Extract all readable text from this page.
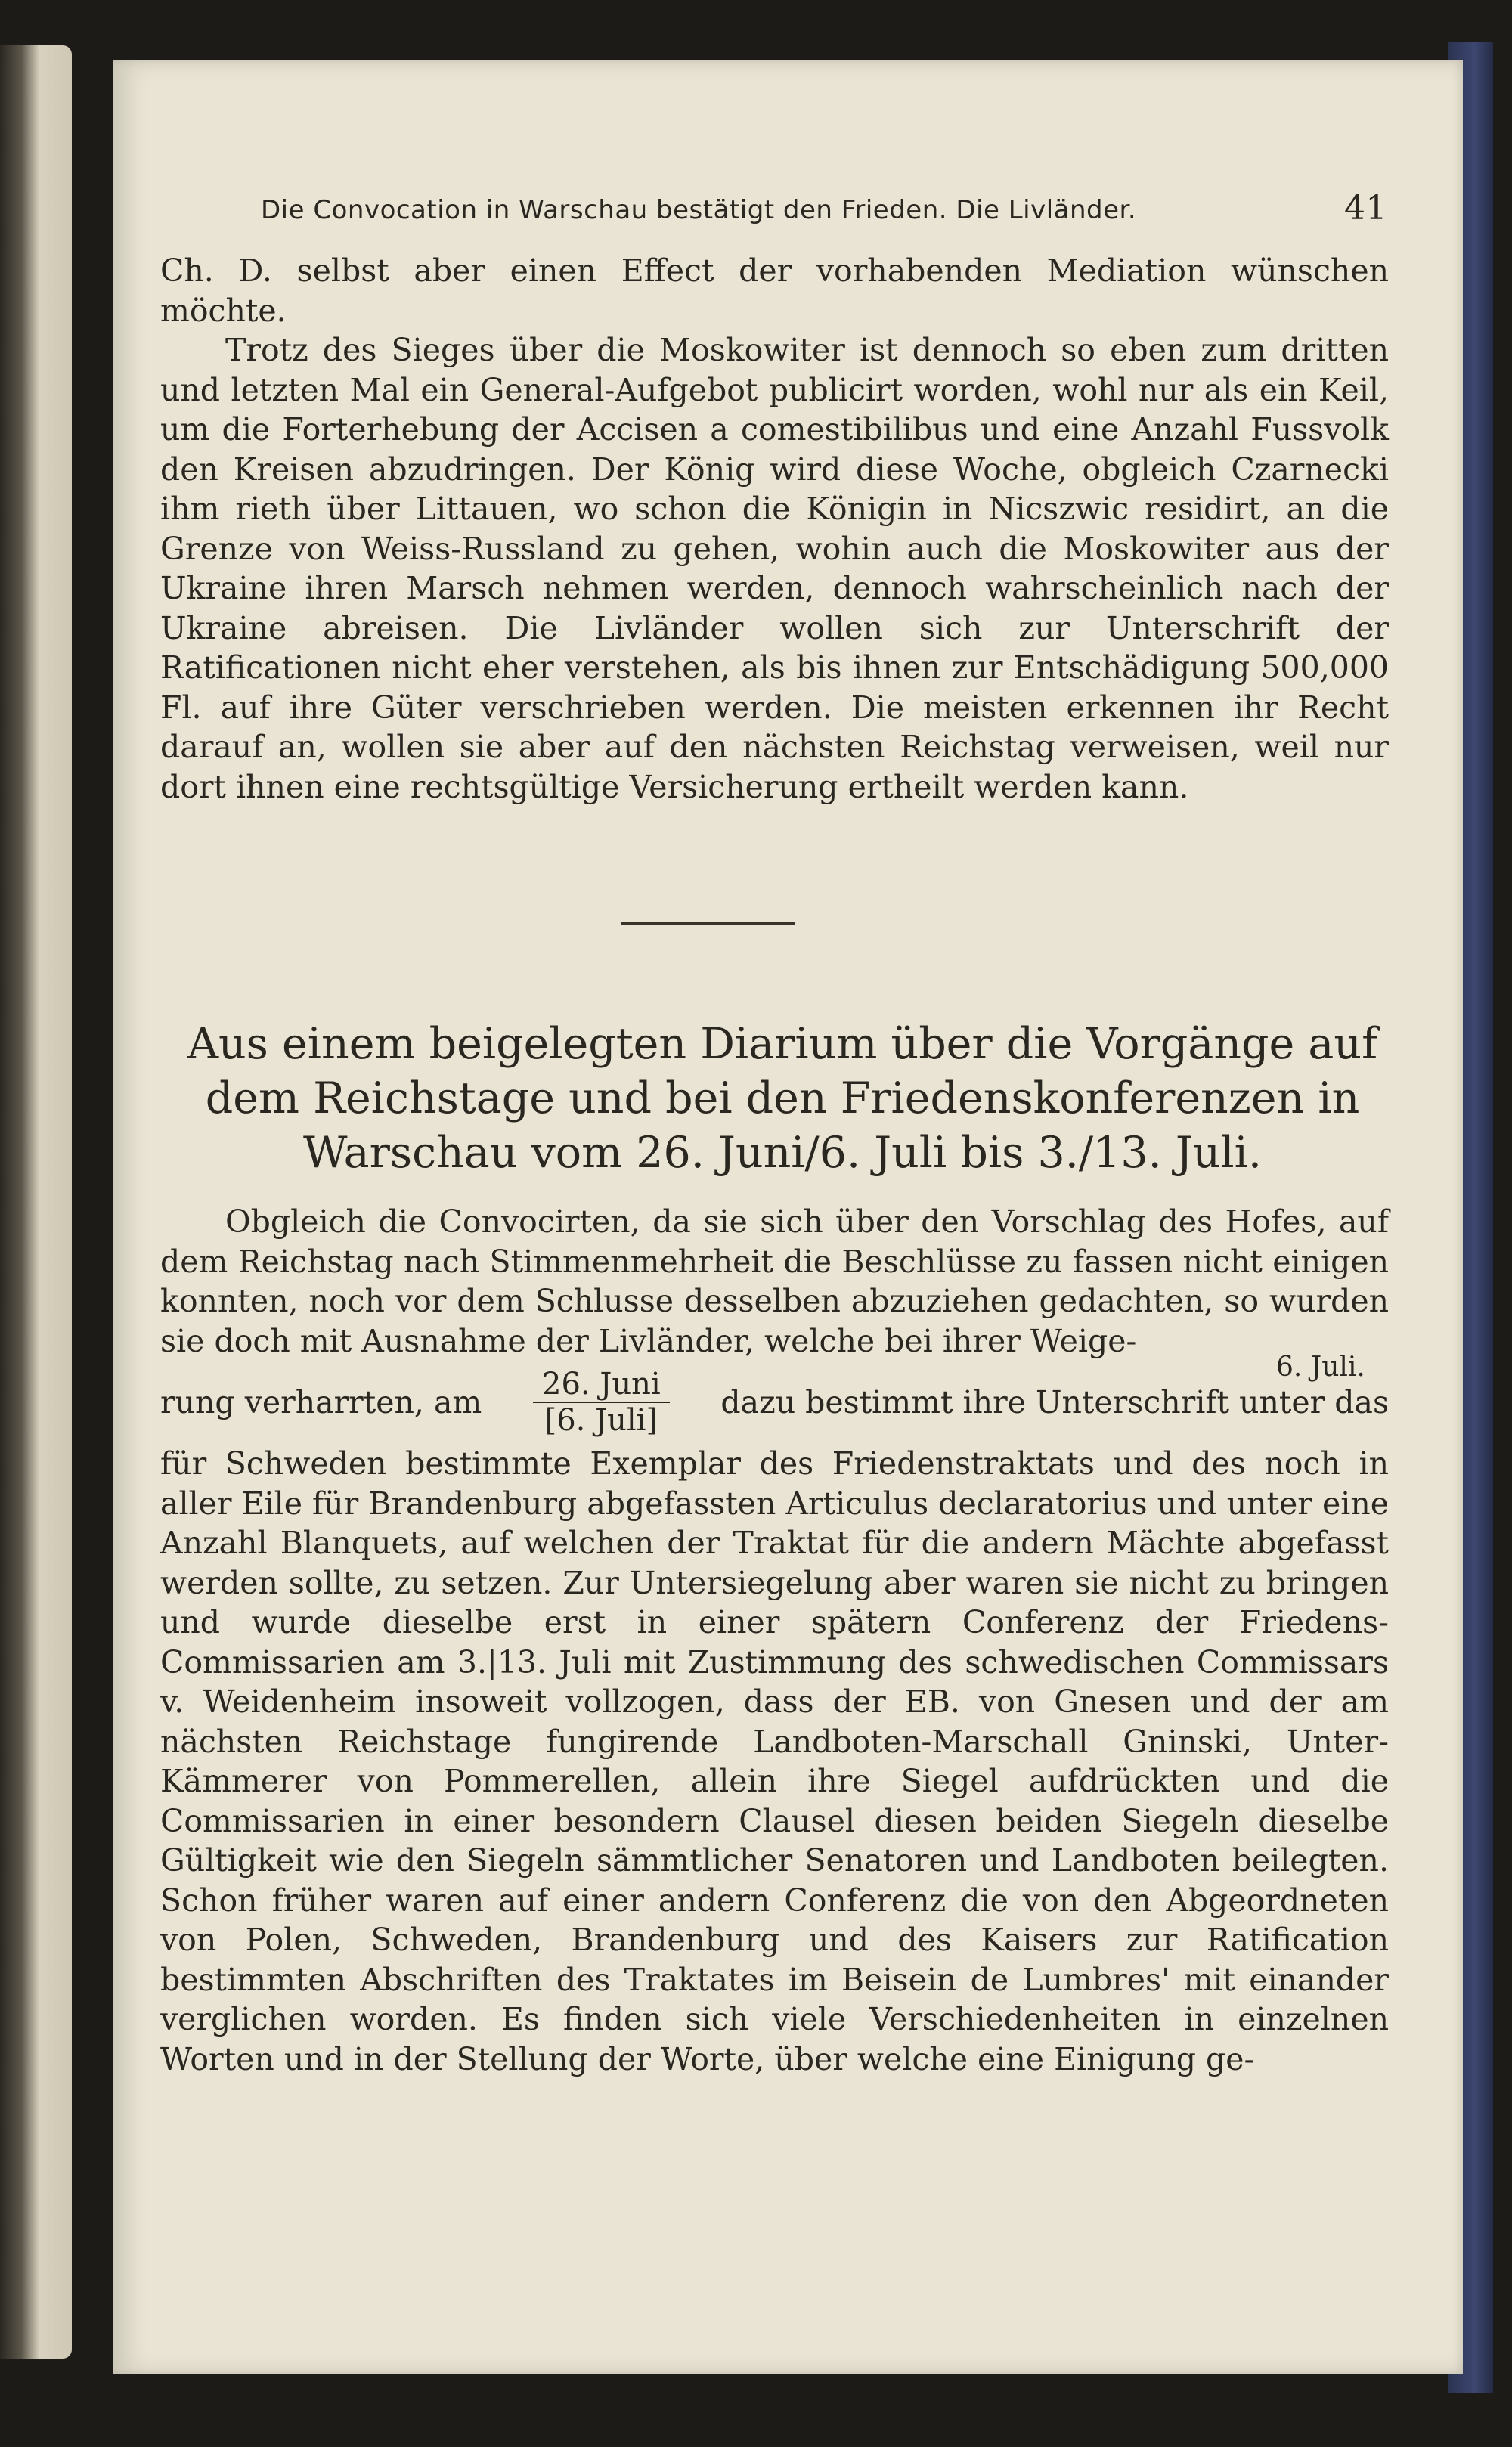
Die Convocation in Warschau bestätigt den Frieden. Die Livländer.	41

Ch. D. selbst aber einen Effect der vorhabenden Mediation wünschen möchte.

Trotz des Sieges über die Moskowiter ist dennoch so eben zum dritten und letzten Mal ein General-Aufgebot publicirt worden, wohl nur als ein Keil, um die Forterhebung der Accisen a comestibilibus und eine Anzahl Fussvolk den Kreisen abzudringen. Der König wird diese Woche, obgleich Czarnecki ihm rieth über Littauen, wo schon die Königin in Nicszwic residirt, an die Grenze von Weiss-Russland zu gehen, wohin auch die Moskowiter aus der Ukraine ihren Marsch nehmen werden, dennoch wahrscheinlich nach der Ukraine abreisen. Die Livländer wollen sich zur Unterschrift der Ratificationen nicht eher verstehen, als bis ihnen zur Entschädigung 500,000 Fl. auf ihre Güter verschrieben werden. Die meisten erkennen ihr Recht darauf an, wollen sie aber auf den nächsten Reichstag verweisen, weil nur dort ihnen eine rechtsgültige Versicherung ertheilt werden kann.

Aus einem beigelegten Diarium über die Vorgänge auf dem Reichstage und bei den Friedenskonferenzen in Warschau vom 26. Juni/6. Juli bis 3./13. Juli.

Obgleich die Convocirten, da sie sich über den Vorschlag des Hofes, auf dem Reichstag nach Stimmenmehrheit die Beschlüsse zu fassen nicht einigen konnten, noch vor dem Schlusse desselben abzuziehen gedachten, so wurden sie doch mit Ausnahme der Livländer, welche bei ihrer Weige-

rung verharrten, am $\frac{\text{26. Juni}}{\text{[6. Juli]}}$ dazu bestimmt ihre Unterschrift unter das

für Schweden bestimmte Exemplar des Friedenstraktats und des noch in aller Eile für Brandenburg abgefassten Articulus declaratorius und unter eine Anzahl Blanquets, auf welchen der Traktat für die andern Mächte abgefasst werden sollte, zu setzen. Zur Untersiegelung aber waren sie nicht zu bringen und wurde dieselbe erst in einer spätern Conferenz der Friedens-Commissarien am 3.|13. Juli mit Zustimmung des schwedischen Commissars v. Weidenheim insoweit vollzogen, dass der EB. von Gnesen und der am nächsten Reichstage fungirende Landboten-Marschall Gninski, Unter-Kämmerer von Pommerellen, allein ihre Siegel aufdrückten und die Commissarien in einer besondern Clausel diesen beiden Siegeln dieselbe Gültigkeit wie den Siegeln sämmtlicher Senatoren und Landboten beilegten. Schon früher waren auf einer andern Conferenz die von den Abgeordneten von Polen, Schweden, Brandenburg und des Kaisers zur Ratification bestimmten Abschriften des Traktates im Beisein de Lumbres' mit einander verglichen worden. Es finden sich viele Verschiedenheiten in einzelnen Worten und in der Stellung der Worte, über welche eine Einigung ge-

6. Juli.
